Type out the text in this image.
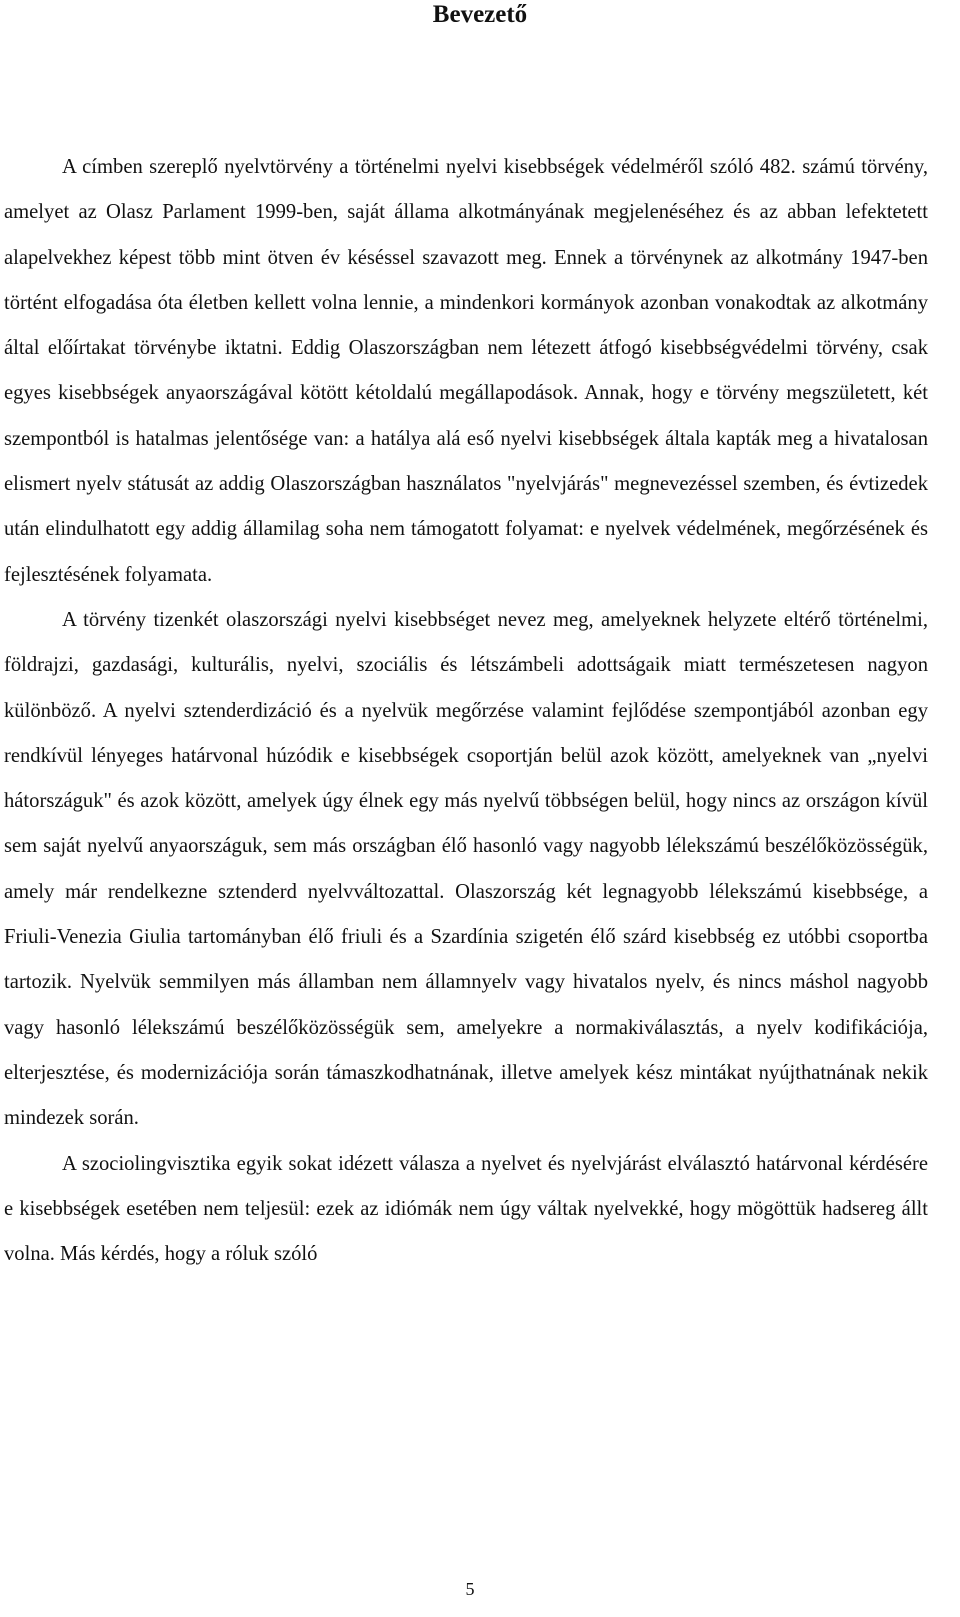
Bevezető

A címben szereplő nyelvtörvény a történelmi nyelvi kisebbségek védelméről szóló 482. számú törvény, amelyet az Olasz Parlament 1999-ben, saját állama alkotmányának megjelenéséhez és az abban lefektetett alapelvekhez képest több mint ötven év késéssel szavazott meg. Ennek a törvénynek az alkotmány 1947-ben történt elfogadása óta életben kellett volna lennie, a mindenkori kormányok azonban vonakodtak az alkotmány által előírtakat törvénybe iktatni. Eddig Olaszországban nem létezett átfogó kisebbségvédelmi törvény, csak egyes kisebbségek anyaországával kötött kétoldalú megállapodások. Annak, hogy e törvény megszületett, két szempontból is hatalmas jelentősége van: a hatálya alá eső nyelvi kisebbségek általa kapták meg a hivatalosan elismert nyelv státusát az addig Olaszországban használatos "nyelvjárás" megnevezéssel szemben, és évtizedek után elindulhatott egy addig államilag soha nem támogatott folyamat: e nyelvek védelmének, megőrzésének és fejlesztésének folyamata.

A törvény tizenkét olaszországi nyelvi kisebbséget nevez meg, amelyeknek helyzete eltérő történelmi, földrajzi, gazdasági, kulturális, nyelvi, szociális és létszámbeli adottságaik miatt természetesen nagyon különböző. A nyelvi sztenderdizáció és a nyelvük megőrzése valamint fejlődése szempontjából azonban egy rendkívül lényeges határvonal húzódik e kisebbségek csoportján belül azok között, amelyeknek van „nyelvi hátországuk" és azok között, amelyek úgy élnek egy más nyelvű többségen belül, hogy nincs az országon kívül sem saját nyelvű anyaországuk, sem más országban élő hasonló vagy nagyobb lélekszámú beszélőközösségük, amely már rendelkezne sztenderd nyelvváltozattal. Olaszország két legnagyobb lélekszámú kisebbsége, a Friuli-Venezia Giulia tartományban élő friuli és a Szardínia szigetén élő szárd kisebbség ez utóbbi csoportba tartozik. Nyelvük semmilyen más államban nem államnyelv vagy hivatalos nyelv, és nincs máshol nagyobb vagy hasonló lélekszámú beszélőközösségük sem, amelyekre a normakiválasztás, a nyelv kodifikációja, elterjesztése, és modernizációja során támaszkodhatnának, illetve amelyek kész mintákat nyújthatnának nekik mindezek során.

A szociolingvisztika egyik sokat idézett válasza a nyelvet és nyelvjárást elválasztó határvonal kérdésére e kisebbségek esetében nem teljesül: ezek az idiómák nem úgy váltak nyelvekké, hogy mögöttük hadsereg állt volna. Más kérdés, hogy a róluk szóló

5
